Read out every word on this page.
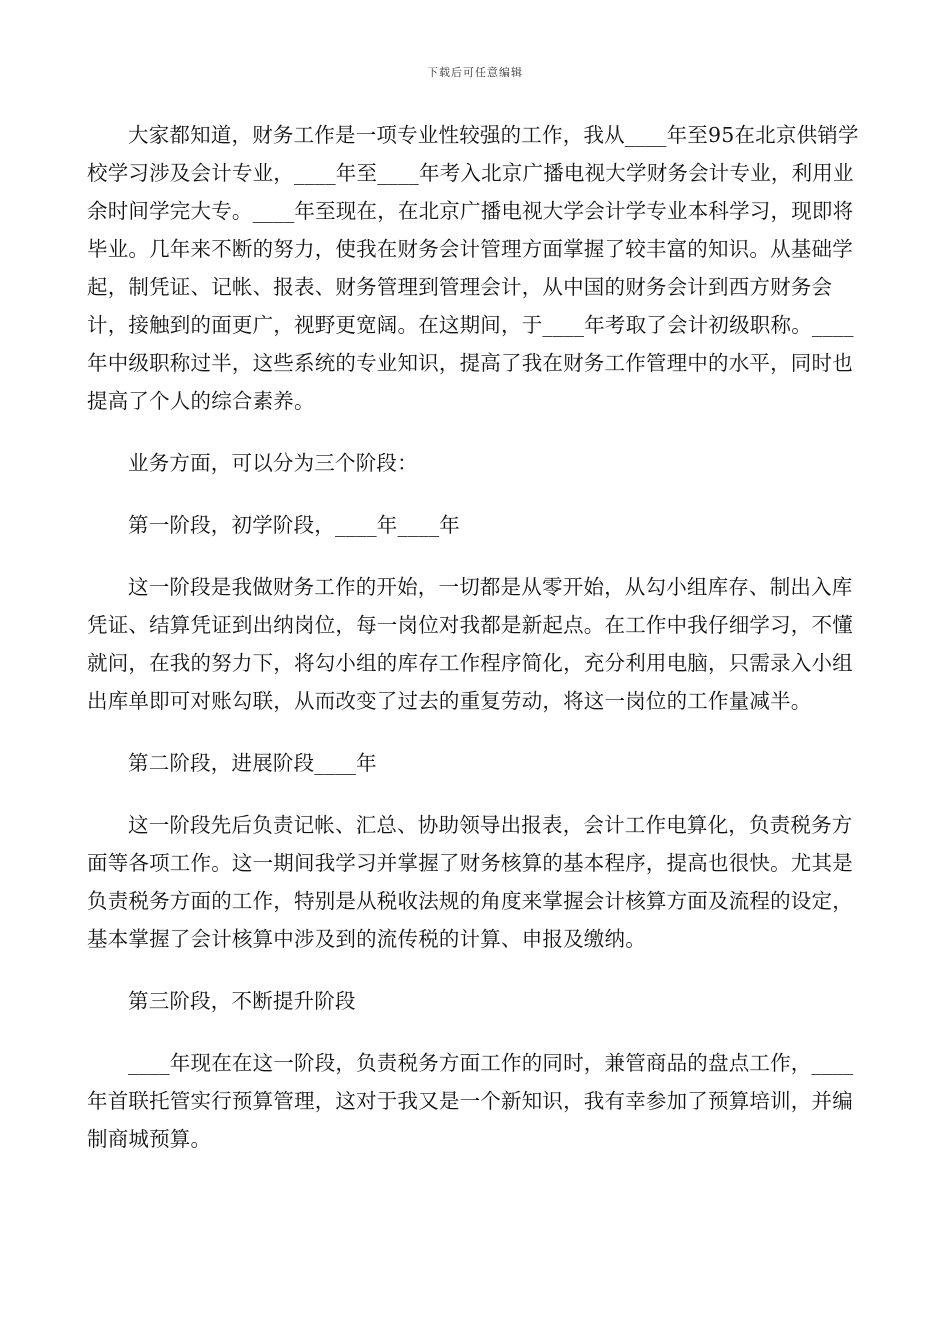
下载后可任意编辑

大家都知道，财务工作是一项专业性较强的工作，我从____年至95在北京供销学校学习涉及会计专业，____年至____年考入北京广播电视大学财务会计专业，利用业余时间学完大专。____年至现在，在北京广播电视大学会计学专业本科学习，现即将毕业。几年来不断的努力，使我在财务会计管理方面掌握了较丰富的知识。从基础学起，制凭证、记帐、报表、财务管理到管理会计，从中国的财务会计到西方财务会计，接触到的面更广，视野更宽阔。在这期间，于____年考取了会计初级职称。____年中级职称过半，这些系统的专业知识，提高了我在财务工作管理中的水平，同时也提高了个人的综合素养。

业务方面，可以分为三个阶段：

第一阶段，初学阶段，____年____年

这一阶段是我做财务工作的开始，一切都是从零开始，从勾小组库存、制出入库凭证、结算凭证到出纳岗位，每一岗位对我都是新起点。在工作中我仔细学习，不懂就问，在我的努力下，将勾小组的库存工作程序简化，充分利用电脑，只需录入小组出库单即可对账勾联，从而改变了过去的重复劳动，将这一岗位的工作量减半。

第二阶段，进展阶段____年

这一阶段先后负责记帐、汇总、协助领导出报表，会计工作电算化，负责税务方面等各项工作。这一期间我学习并掌握了财务核算的基本程序，提高也很快。尤其是负责税务方面的工作，特别是从税收法规的角度来掌握会计核算方面及流程的设定，基本掌握了会计核算中涉及到的流传税的计算、申报及缴纳。

第三阶段，不断提升阶段

____年现在在这一阶段，负责税务方面工作的同时，兼管商品的盘点工作，____年首联托管实行预算管理，这对于我又是一个新知识，我有幸参加了预算培训，并编制商城预算。
